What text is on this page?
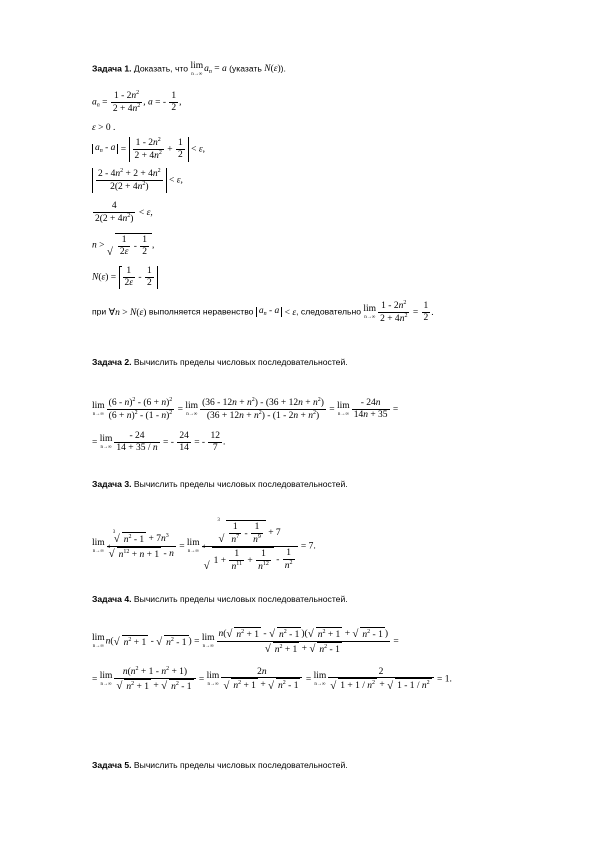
Задача 1. Доказать, что lim
n→∞ $a_n = a$ (указать N(ε)).
$a_n = \frac{1 - 2n^2}{2 + 4n^2}$ , a = - $\frac{1}{2}$ ,
ε > 0 .
$a_n - a = \frac{1 - 2n^2}{2 + 4n^2} + \frac{1}{2} < \varepsilon$,
$\frac{2 - 4n^2 + 2 + 4n^2}{2(2 + 4n^2)} < \varepsilon$,
$\frac{4}{2(2 + 4n^2)} < \varepsilon$,
n > √ $\frac{1}{2\varepsilon} - \frac{1}{2}$ ,
$N(\varepsilon) = \frac{1}{2\varepsilon} - \frac{1}{2}$
при ∀n > N(ε) выполняется неравенство $a_n - a < \varepsilon$, следовательно lim
$n\to\infty \frac{1 - 2n^2}{2 + 4n^2} = \frac{1}{2}$ .
Задача 2. Вычислить пределы числовых последовательностей.
lim
$n\to\infty \frac{(6 - n)^2 - (6 + n)^2}{(6 + n)^2 - (1 - n)^2} = \lim$
$n\to\infty \frac{(36 - 12n + n^2) - (36 + 12n + n^2)}{(36 + 12n + n^2) - (1 - 2n + n^2)} = \lim$
$n\to\infty \frac{- 24n}{14n + 35}$ =
= lim
$n\to\infty \frac{- 24}{14 + 35 / n}$ = - $\frac{24}{14}$ = - $\frac{12}{7}$ .
Задача 3. Вычислить пределы числовых последовательностей.
lim
n→∞ √ 3
$n^2 - 1 + 7n^3$
√ 4
$n^{12} + n + 1 - n = \lim$
n→∞ √ 3
$\frac{1}{n^7} - \frac{1}{n^9} + 7$
√ 4
$1 + \frac{1}{n^{11}} + \frac{1}{n^{12}} - \frac{1}{n^2} = 7$.
Задача 4. Вычислить пределы числовых последовательностей.
lim
n→∞ n( √ $n^2 + 1$ - √ $n^2 - 1$ ) = lim
n→∞ n( √ $n^2 + 1$ - √ $n^2 - 1$ )( √ $n^2 + 1$ + √ $n^2 - 1$ )
√ $n^2 + 1$ + √ $n^2 - 1$ =
= lim
n→∞ $n(n^2 + 1 - n^2 + 1)$
√ $n^2 + 1$ + √ $n^2 - 1 = \lim$
n→∞ 2n
√ $n^2 + 1$ + √ $n^2 - 1 = \lim$
n→∞ 2
√ $1 + 1 / n^2$ + √ $1 - 1 / n^2 = 1$.
Задача 5. Вычислить пределы числовых последовательностей.
